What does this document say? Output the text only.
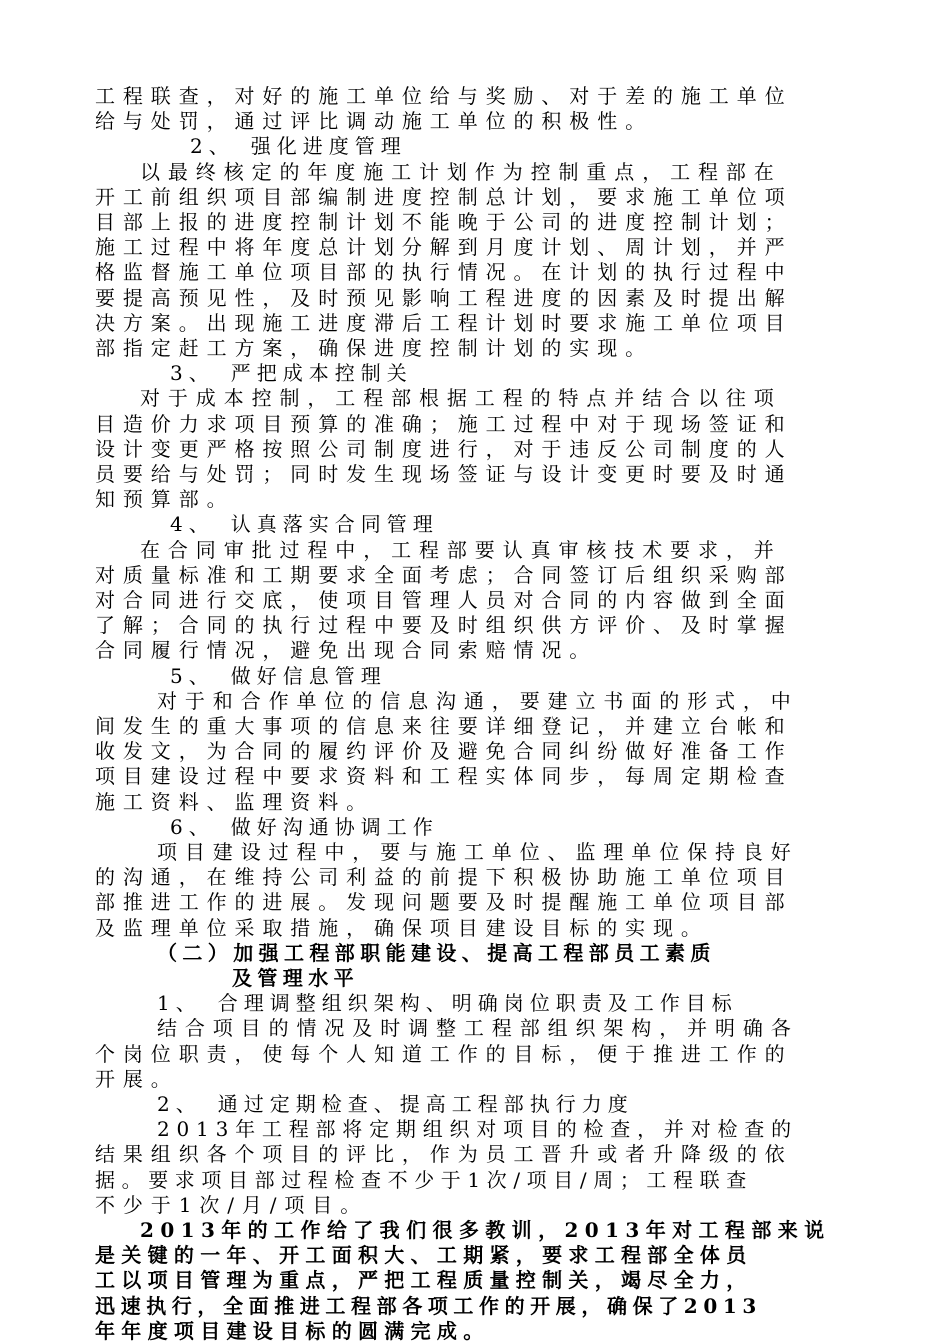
工程联查，对好的施工单位给与奖励、对于差的施工单位
给与处罚，通过评比调动施工单位的积极性。
2、　强化进度管理
以最终核定的年度施工计划作为控制重点，工程部在
开工前组织项目部编制进度控制总计划，要求施工单位项
目部上报的进度控制计划不能晚于公司的进度控制计划；
施工过程中将年度总计划分解到月度计划、周计划，并严
格监督施工单位项目部的执行情况。在计划的执行过程中
要提高预见性，及时预见影响工程进度的因素及时提出解
决方案。出现施工进度滞后工程计划时要求施工单位项目
部指定赶工方案，确保进度控制计划的实现。
3、　严把成本控制关
对于成本控制，工程部根据工程的特点并结合以往项
目造价力求项目预算的准确；施工过程中对于现场签证和
设计变更严格按照公司制度进行，对于违反公司制度的人
员要给与处罚；同时发生现场签证与设计变更时要及时通
知预算部。
4、　认真落实合同管理
在合同审批过程中，工程部要认真审核技术要求，并
对质量标准和工期要求全面考虑；合同签订后组织采购部
对合同进行交底，使项目管理人员对合同的内容做到全面
了解；合同的执行过程中要及时组织供方评价、及时掌握
合同履行情况，避免出现合同索赔情况。
5、　做好信息管理
对于和合作单位的信息沟通，要建立书面的形式，中
间发生的重大事项的信息来往要详细登记，并建立台帐和
收发文，为合同的履约评价及避免合同纠纷做好准备工作
项目建设过程中要求资料和工程实体同步，每周定期检查
施工资料、监理资料。
6、　做好沟通协调工作
项目建设过程中，要与施工单位、监理单位保持良好
的沟通，在维持公司利益的前提下积极协助施工单位项目
部推进工作的进展。发现问题要及时提醒施工单位项目部
及监理单位采取措施，确保项目建设目标的实现。
（二）加强工程部职能建设、提高工程部员工素质
及管理水平
1、　合理调整组织架构、明确岗位职责及工作目标
结合项目的情况及时调整工程部组织架构，并明确各
个岗位职责，使每个人知道工作的目标，便于推进工作的
开展。
2、　通过定期检查、提高工程部执行力度
2013年工程部将定期组织对项目的检查，并对检查的
结果组织各个项目的评比，作为员工晋升或者升降级的依
据。要求项目部过程检查不少于1次/项目/周；工程联查
不少于1次/月/项目。
2013年的工作给了我们很多教训，2013年对工程部来说
是关键的一年、开工面积大、工期紧，要求工程部全体员
工以项目管理为重点，严把工程质量控制关，竭尽全力，
迅速执行，全面推进工程部各项工作的开展，确保了2013
年年度项目建设目标的圆满完成。
